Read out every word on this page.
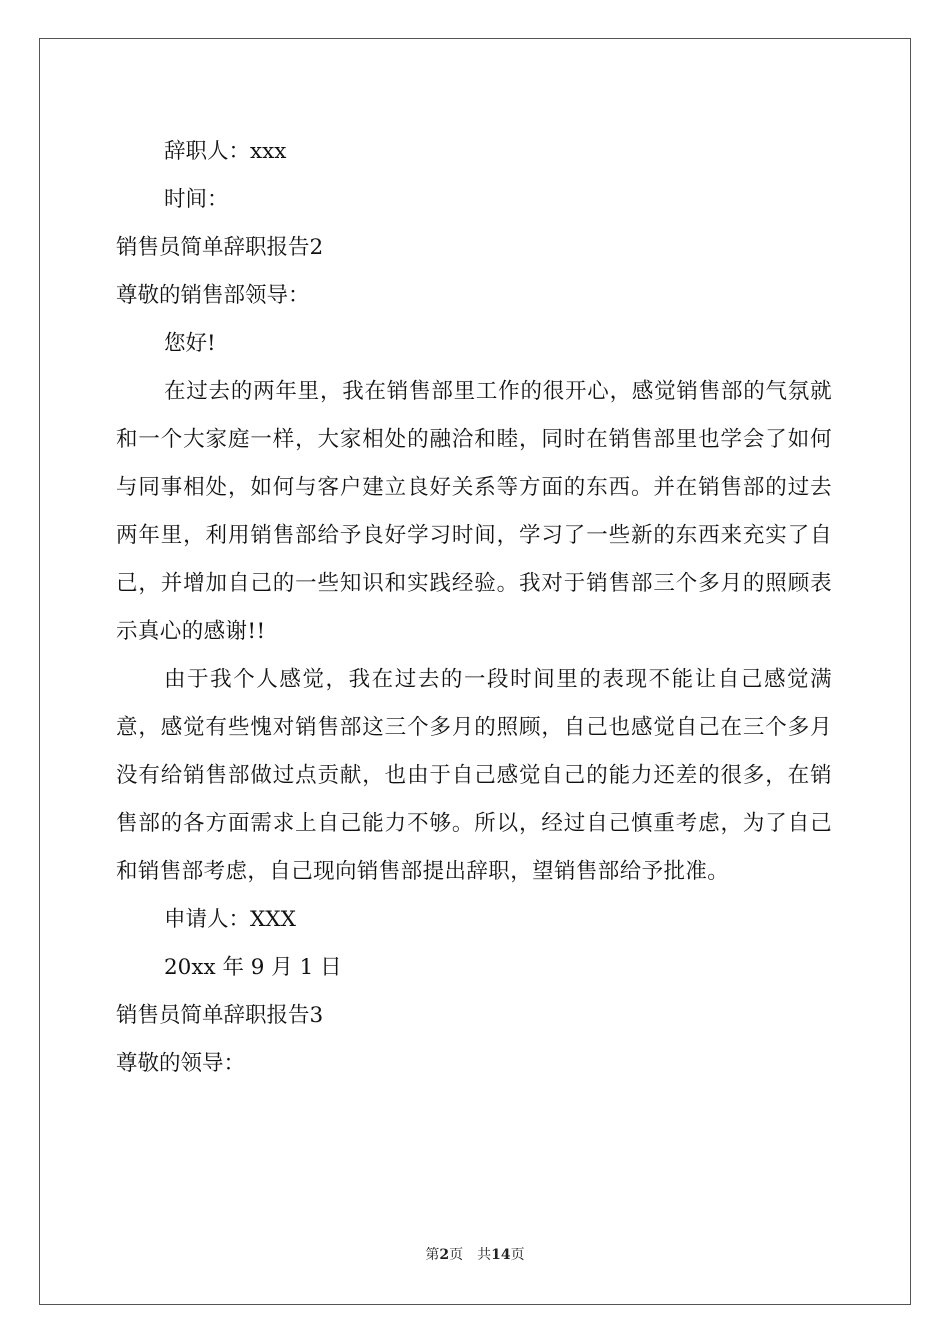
辞职人：xxx

时间：

销售员简单辞职报告2

尊敬的销售部领导：

您好!

在过去的两年里，我在销售部里工作的很开心，感觉销售部的气氛就和一个大家庭一样，大家相处的融洽和睦，同时在销售部里也学会了如何与同事相处，如何与客户建立良好关系等方面的东西。并在销售部的过去两年里，利用销售部给予良好学习时间，学习了一些新的东西来充实了自己，并增加自己的一些知识和实践经验。我对于销售部三个多月的照顾表示真心的感谢!!

由于我个人感觉，我在过去的一段时间里的表现不能让自己感觉满意，感觉有些愧对销售部这三个多月的照顾，自己也感觉自己在三个多月没有给销售部做过点贡献，也由于自己感觉自己的能力还差的很多，在销售部的各方面需求上自己能力不够。所以，经过自己慎重考虑，为了自己和销售部考虑，自己现向销售部提出辞职，望销售部给予批准。

申请人：XXX

20xx 年 9 月 1 日

销售员简单辞职报告3

尊敬的领导：

第2页 共14页
